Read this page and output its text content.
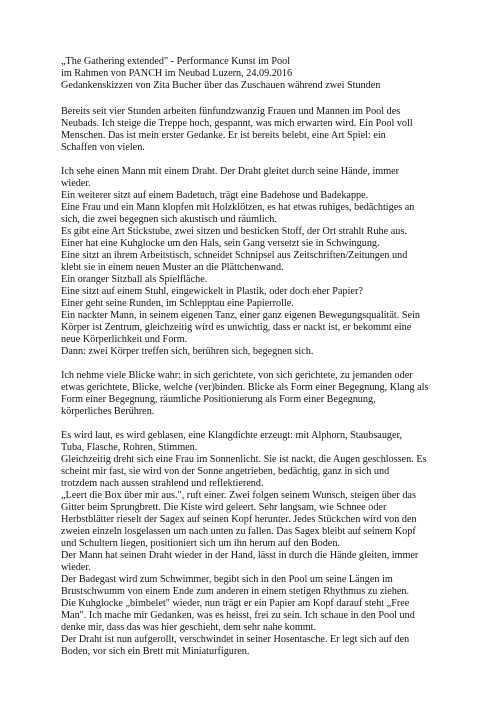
„The Gathering extended" - Performance Kunst im Pool
im Rahmen von PANCH im Neubad Luzern, 24.09.2016
Gedankenskizzen von Zita Bucher über das Zuschauen während zwei Stunden

Bereits seit vier Stunden arbeiten fünfundzwanzig Frauen und Mannen im Pool des
Neubads. Ich steige die Treppe hoch, gespannt, was mich erwarten wird. Ein Pool voll
Menschen. Das ist mein erster Gedanke. Er ist bereits belebt, eine Art Spiel: ein
Schaffen von vielen.

Ich sehe einen Mann mit einem Draht. Der Draht gleitet durch seine Hände, immer
wieder.
Ein weiterer sitzt auf einem Badetuch, trägt eine Badehose und Badekappe.
Eine Frau und ein Mann klopfen mit Holzklötzen, es hat etwas ruhiges, bedächtiges an
sich, die zwei begegnen sich akustisch und räumlich.
Es gibt eine Art Stickstube, zwei sitzen und besticken Stoff, der Ort strahlt Ruhe aus.
Einer hat eine Kuhglocke um den Hals, sein Gang versetzt sie in Schwingung.
Eine sitzt an ihrem Arbeitstisch, schneidet Schnipsel aus Zeitschriften/Zeitungen und
klebt sie in einem neuen Muster an die Plättchenwand.
Ein oranger Sitzball als Spielfläche.
Eine sitzt auf einem Stuhl, eingewickelt in Plastik, oder doch eher Papier?
Einer geht seine Runden, im Schlepptau eine Papierrolle.
Ein nackter Mann, in seinem eigenen Tanz, einer ganz eigenen Bewegungsqualität. Sein
Körper ist Zentrum, gleichzeitig wird es unwichtig, dass er nackt ist, er bekommt eine
neue Körperlichkeit und Form.
Dann: zwei Körper treffen sich, berühren sich, begegnen sich.

Ich nehme viele Blicke wahr: in sich gerichtete, von sich gerichtete, zu jemanden oder
etwas gerichtete, Blicke, welche (ver)binden. Blicke als Form einer Begegnung, Klang als
Form einer Begegnung, räumliche Positionierung als Form einer Begegnung,
körperliches Berühren.

Es wird laut, es wird geblasen, eine Klangdichte erzeugt: mit Alphorn, Staubsauger,
Tuba, Flasche, Rohren, Stimmen.
Gleichzeitig dreht sich eine Frau im Sonnenlicht. Sie ist nackt, die Augen geschlossen. Es
scheint mir fast, sie wird von der Sonne angetrieben, bedächtig, ganz in sich und
trotzdem nach aussen strahlend und reflektierend.
„Leert die Box über mir aus.", ruft einer. Zwei folgen seinem Wunsch, steigen über das
Gitter beim Sprungbrett. Die Kiste wird geleert. Sehr langsam, wie Schnee oder
Herbstblätter rieselt der Sagex auf seinen Kopf herunter. Jedes Stückchen wird von den
zweien einzeln losgelassen um nach unten zu fallen. Das Sagex bleibt auf seinem Kopf
und Schultern liegen, positioniert sich um ihn herum auf den Boden.
Der Mann hat seinen Draht wieder in der Hand, lässt in durch die Hände gleiten, immer
wieder.
Der Badegast wird zum Schwimmer, begibt sich in den Pool um seine Längen im
Brustschwumm von einem Ende zum anderen in einem stetigen Rhythmus zu ziehen.
Die Kuhglocke „bimbelet" wieder, nun trägt er ein Papier am Kopf darauf steht „Free
Man". Ich mache mir Gedanken, was es heisst, frei zu sein. Ich schaue in den Pool und
denke mir, dass das was hier geschieht, dem sehr nahe kommt.
Der Draht ist nun aufgerollt, verschwindet in seiner Hosentasche. Er legt sich auf den
Boden, vor sich ein Brett mit Miniaturfiguren.
